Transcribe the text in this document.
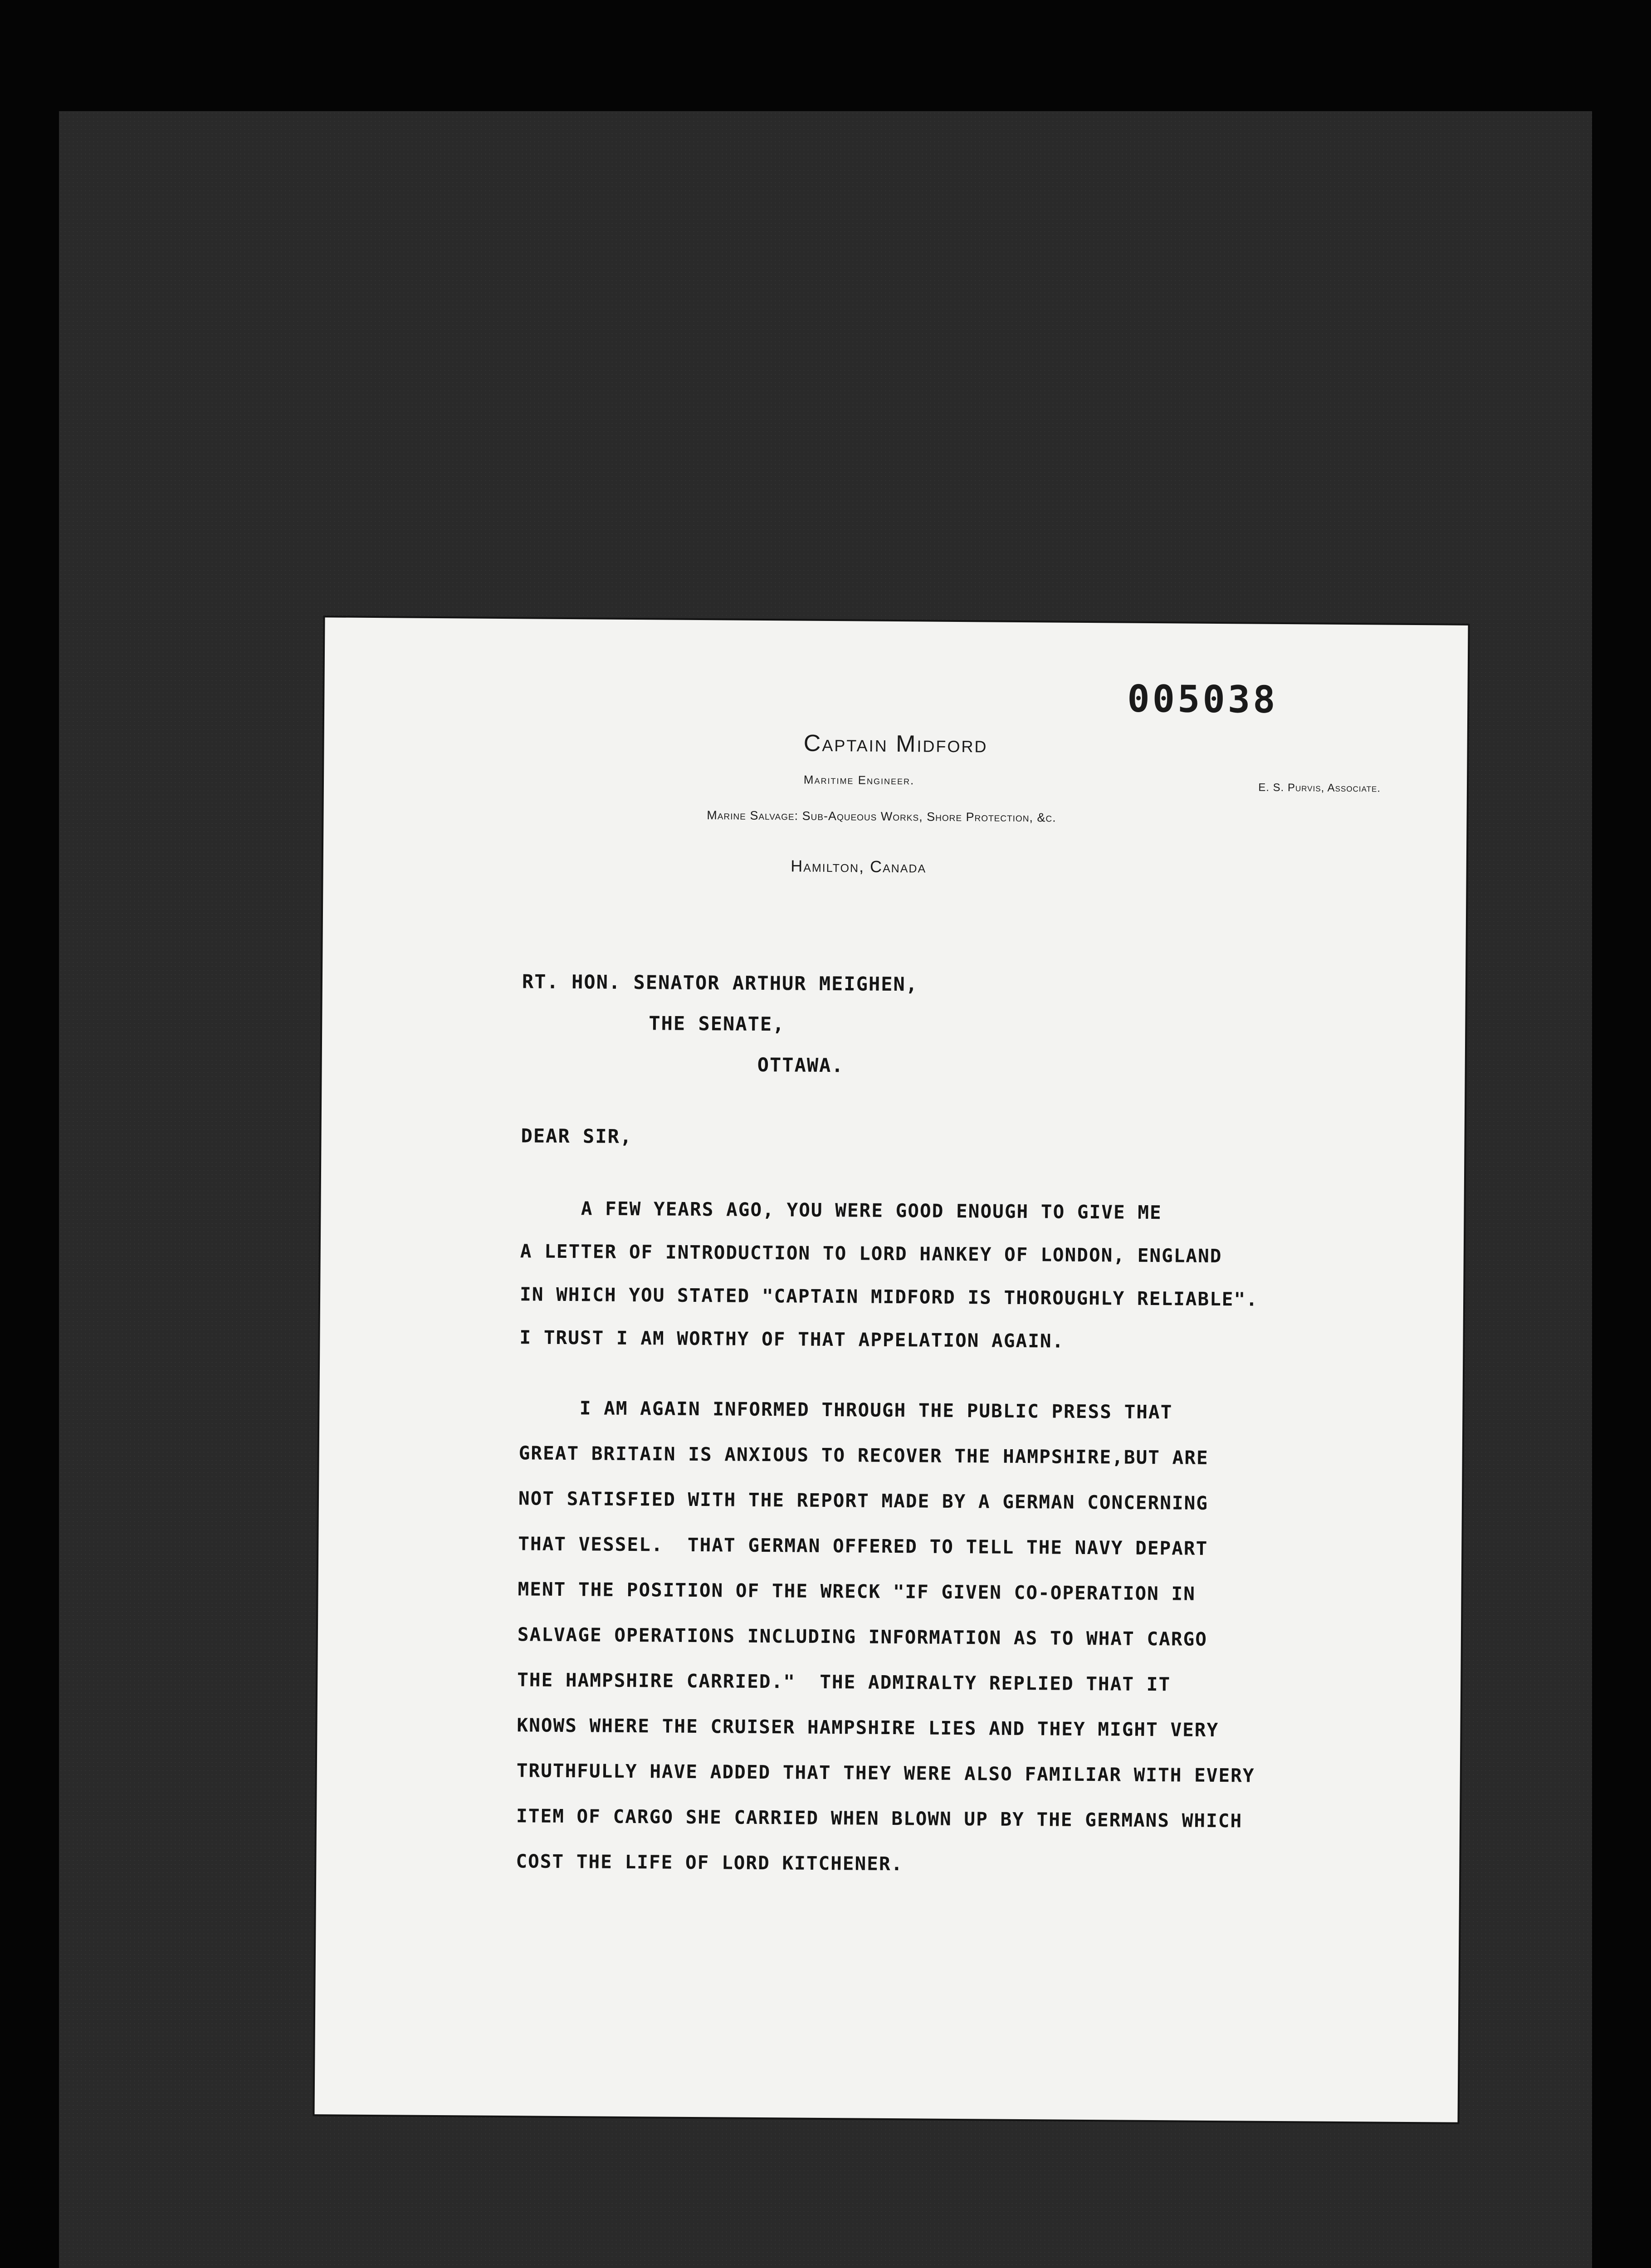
005038
Captain Midford
Maritime Engineer.
E. S. Purvis, Associate.
Marine Salvage: Sub-Aqueous Works, Shore Protection, &c.
Hamilton, Canada
RT. HON. SENATOR ARTHUR MEIGHEN,
THE SENATE,
OTTAWA.
DEAR SIR,
A FEW YEARS AGO, YOU WERE GOOD ENOUGH TO GIVE ME
A LETTER OF INTRODUCTION TO LORD HANKEY OF LONDON, ENGLAND
IN WHICH YOU STATED "CAPTAIN MIDFORD IS THOROUGHLY RELIABLE".
I TRUST I AM WORTHY OF THAT APPELATION AGAIN.
I AM AGAIN INFORMED THROUGH THE PUBLIC PRESS THAT
GREAT BRITAIN IS ANXIOUS TO RECOVER THE HAMPSHIRE,BUT ARE
NOT SATISFIED WITH THE REPORT MADE BY A GERMAN CONCERNING
THAT VESSEL.  THAT GERMAN OFFERED TO TELL THE NAVY DEPART
MENT THE POSITION OF THE WRECK "IF GIVEN CO-OPERATION IN
SALVAGE OPERATIONS INCLUDING INFORMATION AS TO WHAT CARGO
THE HAMPSHIRE CARRIED."  THE ADMIRALTY REPLIED THAT IT
KNOWS WHERE THE CRUISER HAMPSHIRE LIES AND THEY MIGHT VERY
TRUTHFULLY HAVE ADDED THAT THEY WERE ALSO FAMILIAR WITH EVERY
ITEM OF CARGO SHE CARRIED WHEN BLOWN UP BY THE GERMANS WHICH
COST THE LIFE OF LORD KITCHENER.
